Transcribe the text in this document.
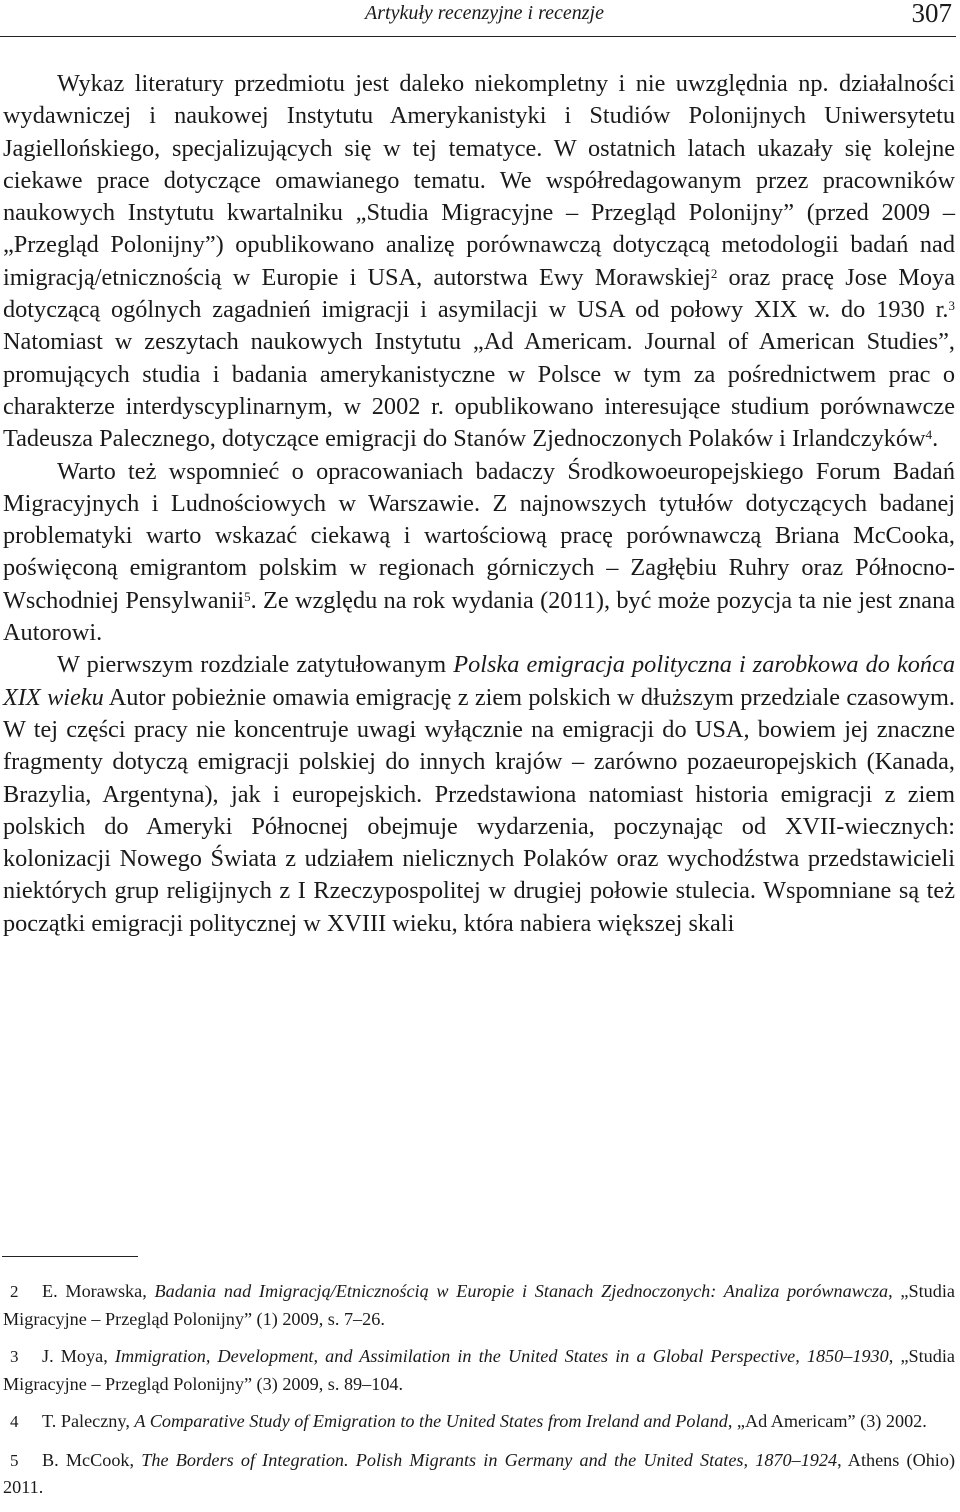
Artykuły recenzyjne i recenzje	307

Wykaz literatury przedmiotu jest daleko niekompletny i nie uwzględnia np. działalności wydawniczej i naukowej Instytutu Amerykanistyki i Studiów Polonijnych Uniwersytetu Jagiellońskiego, specjalizujących się w tej tematyce. W ostatnich latach ukazały się kolejne ciekawe prace dotyczące omawianego tematu. We współredagowanym przez pracowników naukowych Instytutu kwartalniku „Studia Migracyjne – Przegląd Polonijny” (przed 2009 – „Przegląd Polonijny”) opublikowano analizę porównawczą dotyczącą metodologii badań nad imigracją/etnicznością w Europie i USA, autorstwa Ewy Morawskiej$^2$ oraz pracę Jose Moya dotyczącą ogólnych zagadnień imigracji i asymilacji w USA od połowy XIX w. do 1930 r.$^3$ Natomiast w zeszytach naukowych Instytutu „Ad Americam. Journal of American Studies”, promujących studia i badania amerykanistyczne w Polsce w tym za pośrednictwem prac o charakterze interdyscyplinarnym, w 2002 r. opublikowano interesujące studium porównawcze Tadeusza Palecznego, dotyczące emigracji do Stanów Zjednoczonych Polaków i Irlandczyków$^4$.

Warto też wspomnieć o opracowaniach badaczy Środkowoeuropejskiego Forum Badań Migracyjnych i Ludnościowych w Warszawie. Z najnowszych tytułów dotyczących badanej problematyki warto wskazać ciekawą i wartościową pracę porównawczą Briana McCooka, poświęconą emigrantom polskim w regionach górniczych – Zagłębiu Ruhry oraz Północno-Wschodniej Pensylwanii$^5$. Ze względu na rok wydania (2011), być może pozycja ta nie jest znana Autorowi.

W pierwszym rozdziale zatytułowanym Polska emigracja polityczna i zarobkowa do końca XIX wieku Autor pobieżnie omawia emigrację z ziem polskich w dłuższym przedziale czasowym. W tej części pracy nie koncentruje uwagi wyłącznie na emigracji do USA, bowiem jej znaczne fragmenty dotyczą emigracji polskiej do innych krajów – zarówno pozaeuropejskich (Kanada, Brazylia, Argentyna), jak i europejskich. Przedstawiona natomiast historia emigracji z ziem polskich do Ameryki Północnej obejmuje wydarzenia, poczynając od XVII-wiecznych: kolonizacji Nowego Świata z udziałem nielicznych Polaków oraz wychodźstwa przedstawicieli niektórych grup religijnych z I Rzeczypospolitej w drugiej połowie stulecia. Wspomniane są też początki emigracji politycznej w XVIII wieku, która nabiera większej skali

2 E. Morawska, Badania nad Imigracją/Etnicznością w Europie i Stanach Zjednoczonych: Analiza porównawcza, „Studia Migracyjne – Przegląd Polonijny” (1) 2009, s. 7–26.

3 J. Moya, Immigration, Development, and Assimilation in the United States in a Global Perspective, 1850–1930, „Studia Migracyjne – Przegląd Polonijny” (3) 2009, s. 89–104.

4 T. Paleczny, A Comparative Study of Emigration to the United States from Ireland and Poland, „Ad Americam” (3) 2002.

5 B. McCook, The Borders of Integration. Polish Migrants in Germany and the United States, 1870–1924, Athens (Ohio) 2011.
